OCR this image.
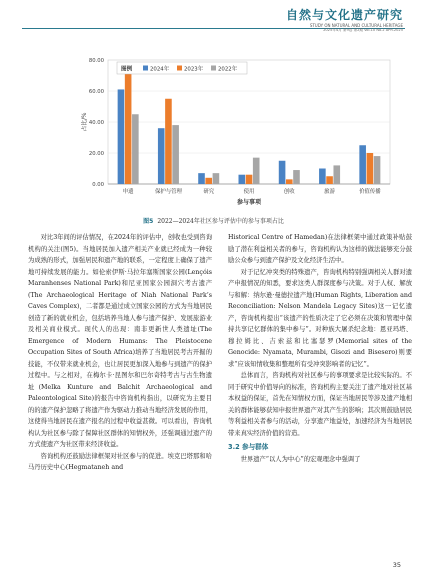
自然与文化遗产研究
STUDY ON NATURAL AND CULTURAL HERITAGE
2025年4月 第9卷 第2期 Vol.10 No.2 APR.2025
0.00
20.00
40.00
60.00
80.00
占比/%
参与事项
申遗	保护与管理	研究	使用	创收	旅游	价值传播
图例	2024年	2023年	2022年
图5 2022—2024年社区参与评估中的参与事项占比

对比3年间的评估情况，在2024年的评估中，创收也受到咨询机构的关注(图5)。当地居民加入遗产相关产业就已经成为一种较为成熟的形式，加强居民和遗产地的联系，一定程度上确保了遗产地可持续发展的能力。如伦索伊斯·马拉年塞斯国家公园(Lençóis Maranhenses National Park)和尼亚国家公园洞穴考古遗产(The Archaeological Heritage of Niah National Park’s Caves Complex)，二者都是通过成立国家公园的方式为当地居民创造了新的就业机会，包括培养当地人参与遗产保护、发展旅游业及相关商业模式。现代人的出现：南非更新世人类遗址(The Emergence of Modern Humans: The Pleistocene Occupation Sites of South Africa)培养了当地居民考古开掘的技能，不仅带来就业机会，也让居民更加深入地参与到遗产的保护过程中。与之相对，在梅尔卡·昆图尔和巴尔奇特考古与古生物遗址(Melka Kunture and Balchit Archaeological and Paleontological Site)的报告中咨询机构指出，以研究为主要目的的遗产保护忽略了将遗产作为驱动力推动当地经济发展的作用，这使得当地居民在遗产报名的过程中收益甚微。可以看出，咨询机构认为社区参与除了保障社区群体的知情权外，还强调通过遗产的方式使遗产为社区带来经济收益。

咨询机构还鼓励法律框架对社区参与的促进。埃克巴塔那和哈马丹历史中心(Hegmataneh and

Historical Centre of Hamedan)在法律框架中通过政策补贴鼓励了潜在利益相关者的参与，咨询机构认为这样的做法能够充分鼓励公众参与到遗产保护及文化经济生活中。

对于记忆冲突类的特殊遗产，咨询机构特别强调相关人群对遗产申报情况的知悉，要求这类人群深度参与决策。对于人权、解放与和解：纳尔逊·曼德拉遗产地(Human Rights, Liberation and Reconciliation: Nelson Mandela Legacy Sites)这一记忆遗产，咨询机构提出“该遗产的性质决定了它必须在决策和管理中保持共享记忆群体的集中参与”。对种族大屠杀纪念地：恩亚玛塔、穆拉姆比、吉索兹和比塞瑟罗(Memorial sites of the Genocide: Nyamata, Murambi, Gisozi and Bisesero)则要求“应该知情收集和整理所有受冲突影响者的记忆”。

总体而言，咨询机构对社区参与的事项要求是比较实际的。不同于研究中价值导向的标准，咨询机构主要关注了遗产地对社区基本权益的保证，首先在知情权方面，保证当地居民等涉及遗产地相关的群体能够获知申报世界遗产对其产生的影响；其次则鼓励居民等利益相关者参与的活动，分享遗产地益处，加速经济为当地居民带来真实经济价值的营造。

3.2 参与群体

世界遗产“以人为中心”的宏观理念中强调了

35
